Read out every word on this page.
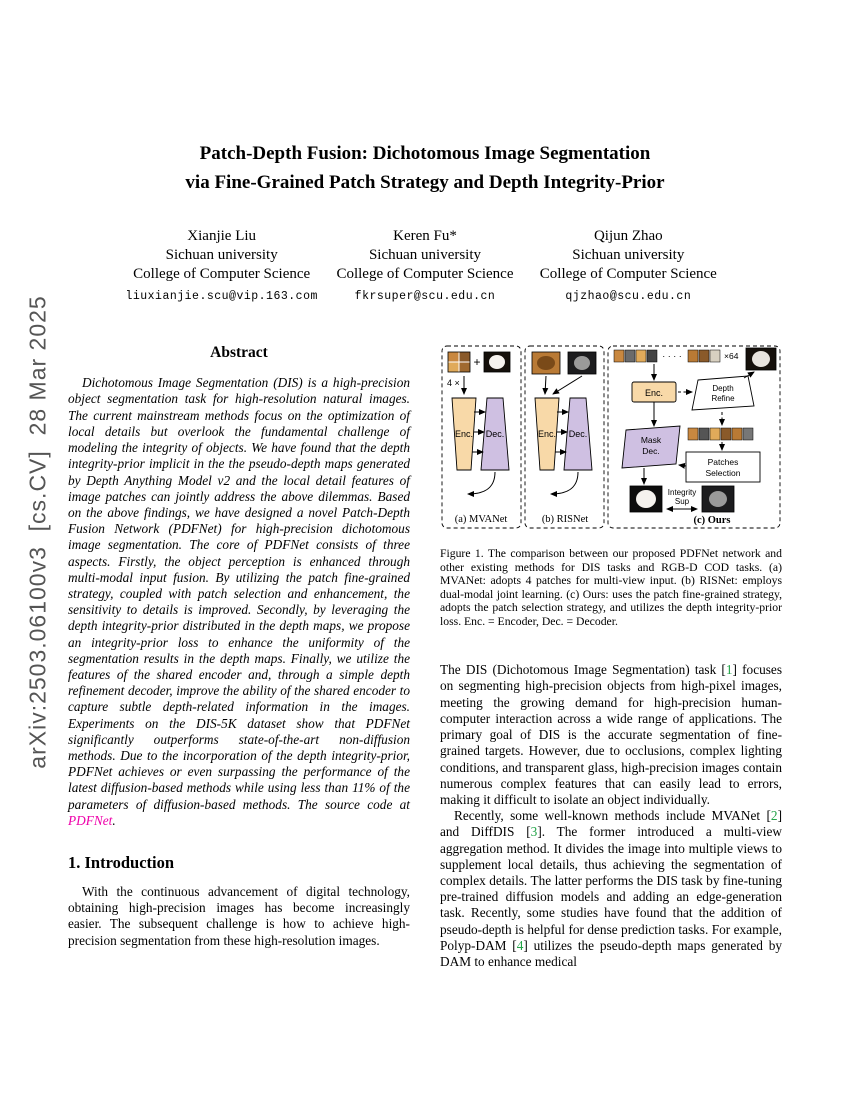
arXiv:2503.06100v3  [cs.CV]  28 Mar 2025
Patch-Depth Fusion: Dichotomous Image Segmentation
via Fine-Grained Patch Strategy and Depth Integrity-Prior
Xianjie Liu
Sichuan university
College of Computer Science
liuxianjie.scu@vip.163.com
Keren Fu*
Sichuan university
College of Computer Science
fkrsuper@scu.edu.cn
Qijun Zhao
Sichuan university
College of Computer Science
qjzhao@scu.edu.cn
Abstract

Dichotomous Image Segmentation (DIS) is a high-precision object segmentation task for high-resolution natural images. The current mainstream methods focus on the optimization of local details but overlook the fundamental challenge of modeling the integrity of objects. We have found that the depth integrity-prior implicit in the the pseudo-depth maps generated by Depth Anything Model v2 and the local detail features of image patches can jointly address the above dilemmas. Based on the above findings, we have designed a novel Patch-Depth Fusion Network (PDFNet) for high-precision dichotomous image segmentation. The core of PDFNet consists of three aspects. Firstly, the object perception is enhanced through multi-modal input fusion. By utilizing the patch fine-grained strategy, coupled with patch selection and enhancement, the sensitivity to details is improved. Secondly, by leveraging the depth integrity-prior distributed in the depth maps, we propose an integrity-prior loss to enhance the uniformity of the segmentation results in the depth maps. Finally, we utilize the features of the shared encoder and, through a simple depth refinement decoder, improve the ability of the shared encoder to capture subtle depth-related information in the images. Experiments on the DIS-5K dataset show that PDFNet significantly outperforms state-of-the-art non-diffusion methods. Due to the incorporation of the depth integrity-prior, PDFNet achieves or even surpassing the performance of the latest diffusion-based methods while using less than 11% of the parameters of diffusion-based methods. The source code at PDFNet.

1. Introduction

With the continuous advancement of digital technology, obtaining high-precision images has become increasingly easier. The subsequent challenge is how to achieve high-precision segmentation from these high-resolution images.

+
4 ×
Enc. Dec.
(a) MVANet
Enc. Dec.
(b) RISNet
· · · ·	×64
Enc.	Depth
Refine
Mask
Dec.
Patches
Selection
Integrity
Sup
(c) Ours
Figure 1. The comparison between our proposed PDFNet network and other existing methods for DIS tasks and RGB-D COD tasks. (a) MVANet: adopts 4 patches for multi-view input. (b) RISNet: employs dual-modal joint learning. (c) Ours: uses the patch fine-grained strategy, adopts the patch selection strategy, and utilizes the depth integrity-prior loss. Enc. = Encoder, Dec. = Decoder.

The DIS (Dichotomous Image Segmentation) task [1] focuses on segmenting high-precision objects from high-pixel images, meeting the growing demand for high-precision human-computer interaction across a wide range of applications. The primary goal of DIS is the accurate segmentation of fine-grained targets. However, due to occlusions, complex lighting conditions, and transparent glass, high-precision images contain numerous complex features that can easily lead to errors, making it difficult to isolate an object individually.

Recently, some well-known methods include MVANet [2] and DiffDIS [3]. The former introduced a multi-view aggregation method. It divides the image into multiple views to supplement local details, thus achieving the segmentation of complex details. The latter performs the DIS task by fine-tuning pre-trained diffusion models and adding an edge-generation task. Recently, some studies have found that the addition of pseudo-depth is helpful for dense prediction tasks. For example, Polyp-DAM [4] utilizes the pseudo-depth maps generated by DAM to enhance medical
